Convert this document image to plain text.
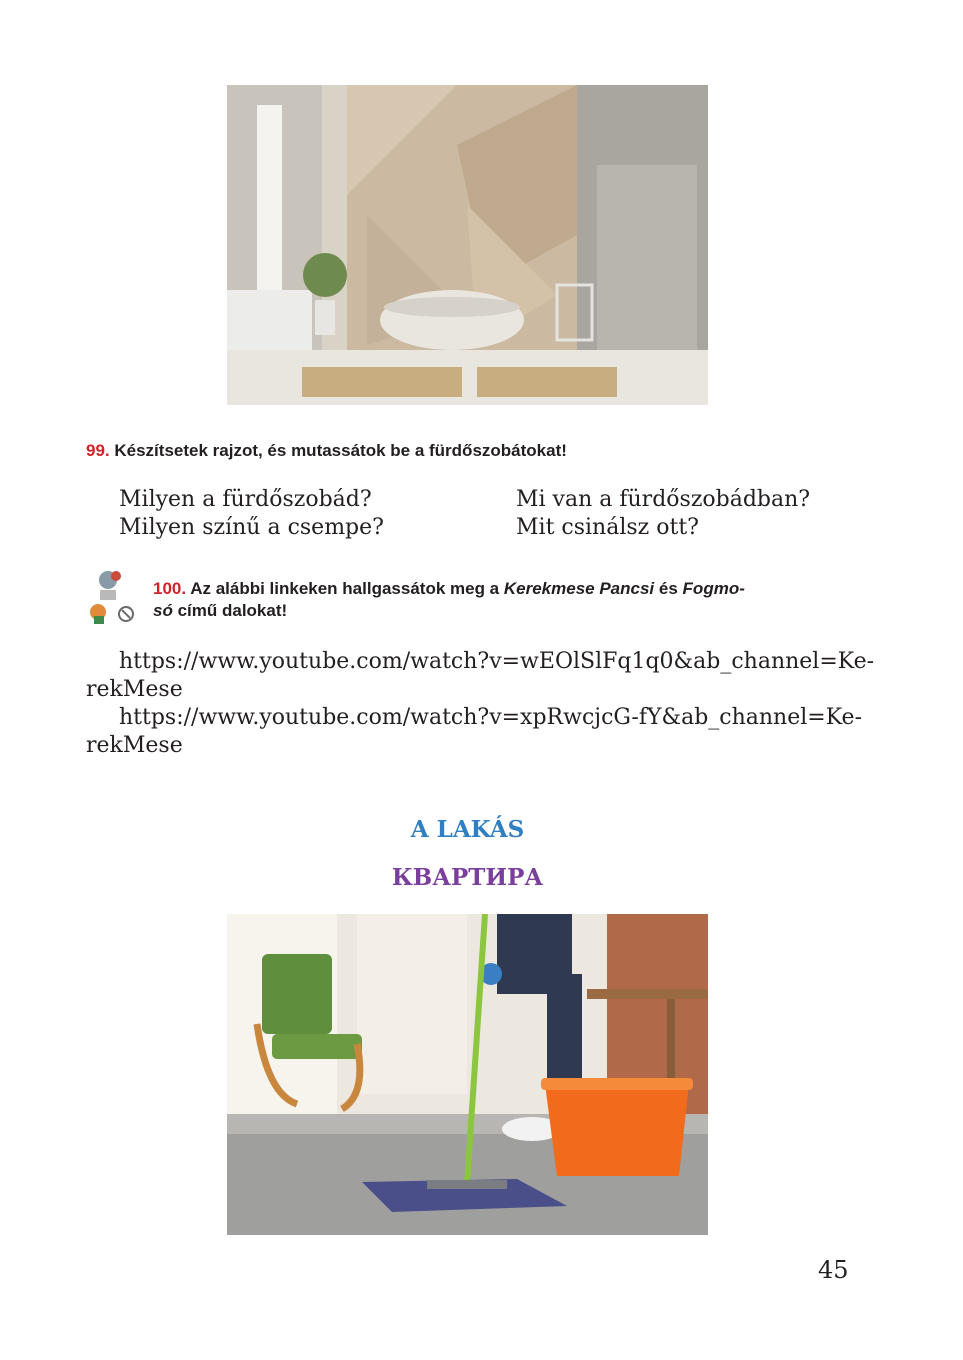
99. Készítsetek rajzot, és mutassátok be a fürdőszobátokat!
Milyen a fürdőszobád?
Milyen színű a csempe?
Mi van a fürdőszobádban?
Mit csinálsz ott?
100. Az alábbi linkeken hallgassátok meg a Kerekmese Pancsi és Fogmo-
só című dalokat!
https://www.youtube.com/watch?v=wEOlSlFq1q0&ab_channel=Ke-
rekMese
https://www.youtube.com/watch?v=xpRwcjcG-fY&ab_channel=Ke-
rekMese
A LAKÁS
КВАРТИРА
45
